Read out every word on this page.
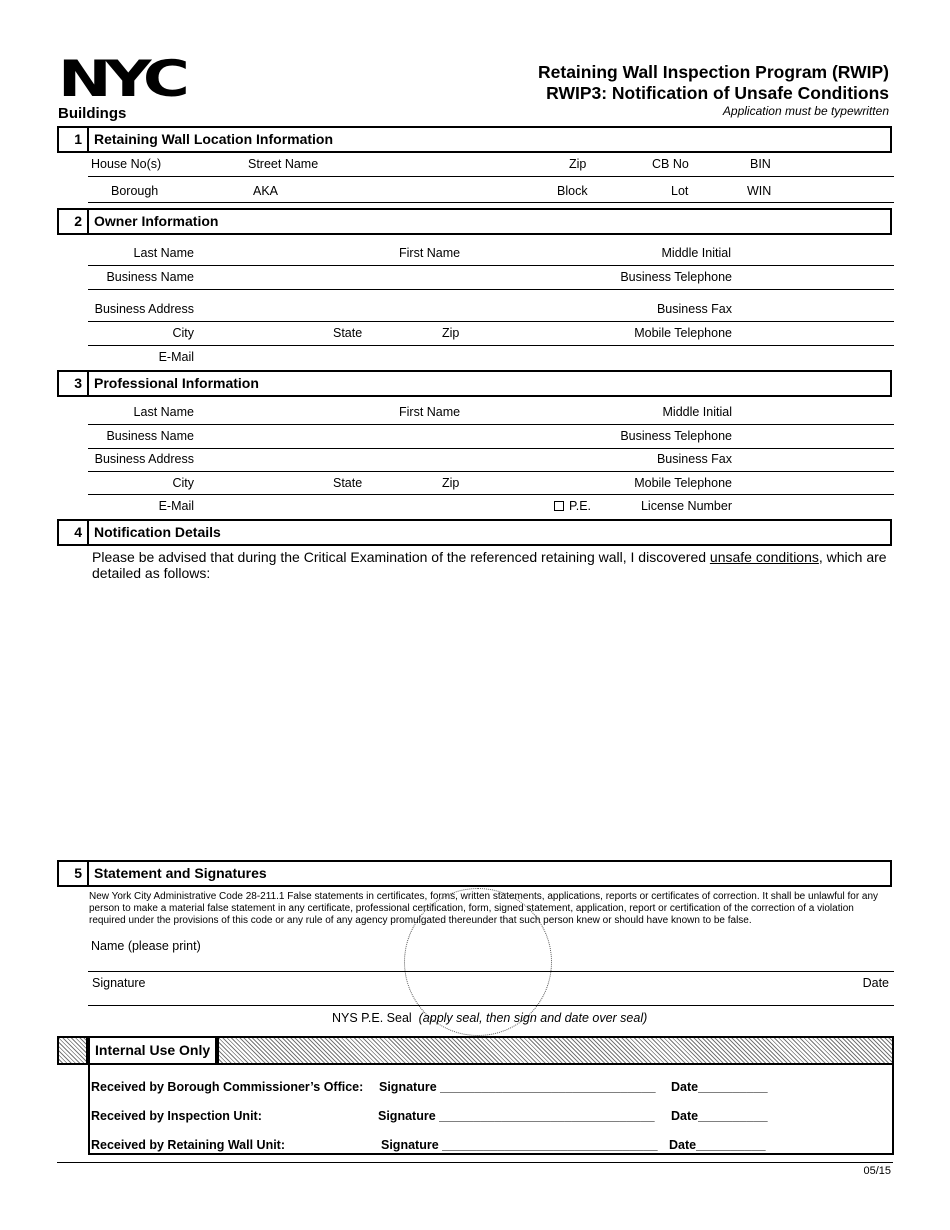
NYC
Buildings
Retaining Wall Inspection Program (RWIP)
RWIP3: Notification of Unsafe Conditions
Application must be typewritten
1 Retaining Wall Location Information
House No(s)	Street Name	Zip	CB No	BIN
Borough	AKA	Block	Lot	WIN
2 Owner Information
Last Name	First Name	Middle Initial
Business Name	Business Telephone
Business Address	Business Fax
City	State	Zip	Mobile Telephone
E-Mail
3 Professional Information
Last Name	First Name	Middle Initial
Business Name	Business Telephone
Business Address	Business Fax
City	State	Zip	Mobile Telephone
E-Mail	P.E.	License Number
4 Notification Details
Please be advised that during the Critical Examination of the referenced retaining wall, I discovered unsafe conditions, which are detailed as follows:
5 Statement and Signatures
New York City Administrative Code 28-211.1 False statements in certificates, forms, written statements, applications, reports or certificates of correction. It shall be unlawful for any person to make a material false statement in any certificate, professional certification, form, signed statement, application, report or certification of the correction of a violation required under the provisions of this code or any rule of any agency promulgated thereunder that such person knew or should have known to be false.
Name (please print)
Signature	Date
NYS P.E. Seal (apply seal, then sign and date over seal)
Internal Use Only
Received by Borough Commissioner’s Office: Signature _______________________________ Date__________
Received by Inspection Unit:	Signature _______________________________ Date__________
Received by Retaining Wall Unit:	Signature _______________________________ Date__________
05/15
